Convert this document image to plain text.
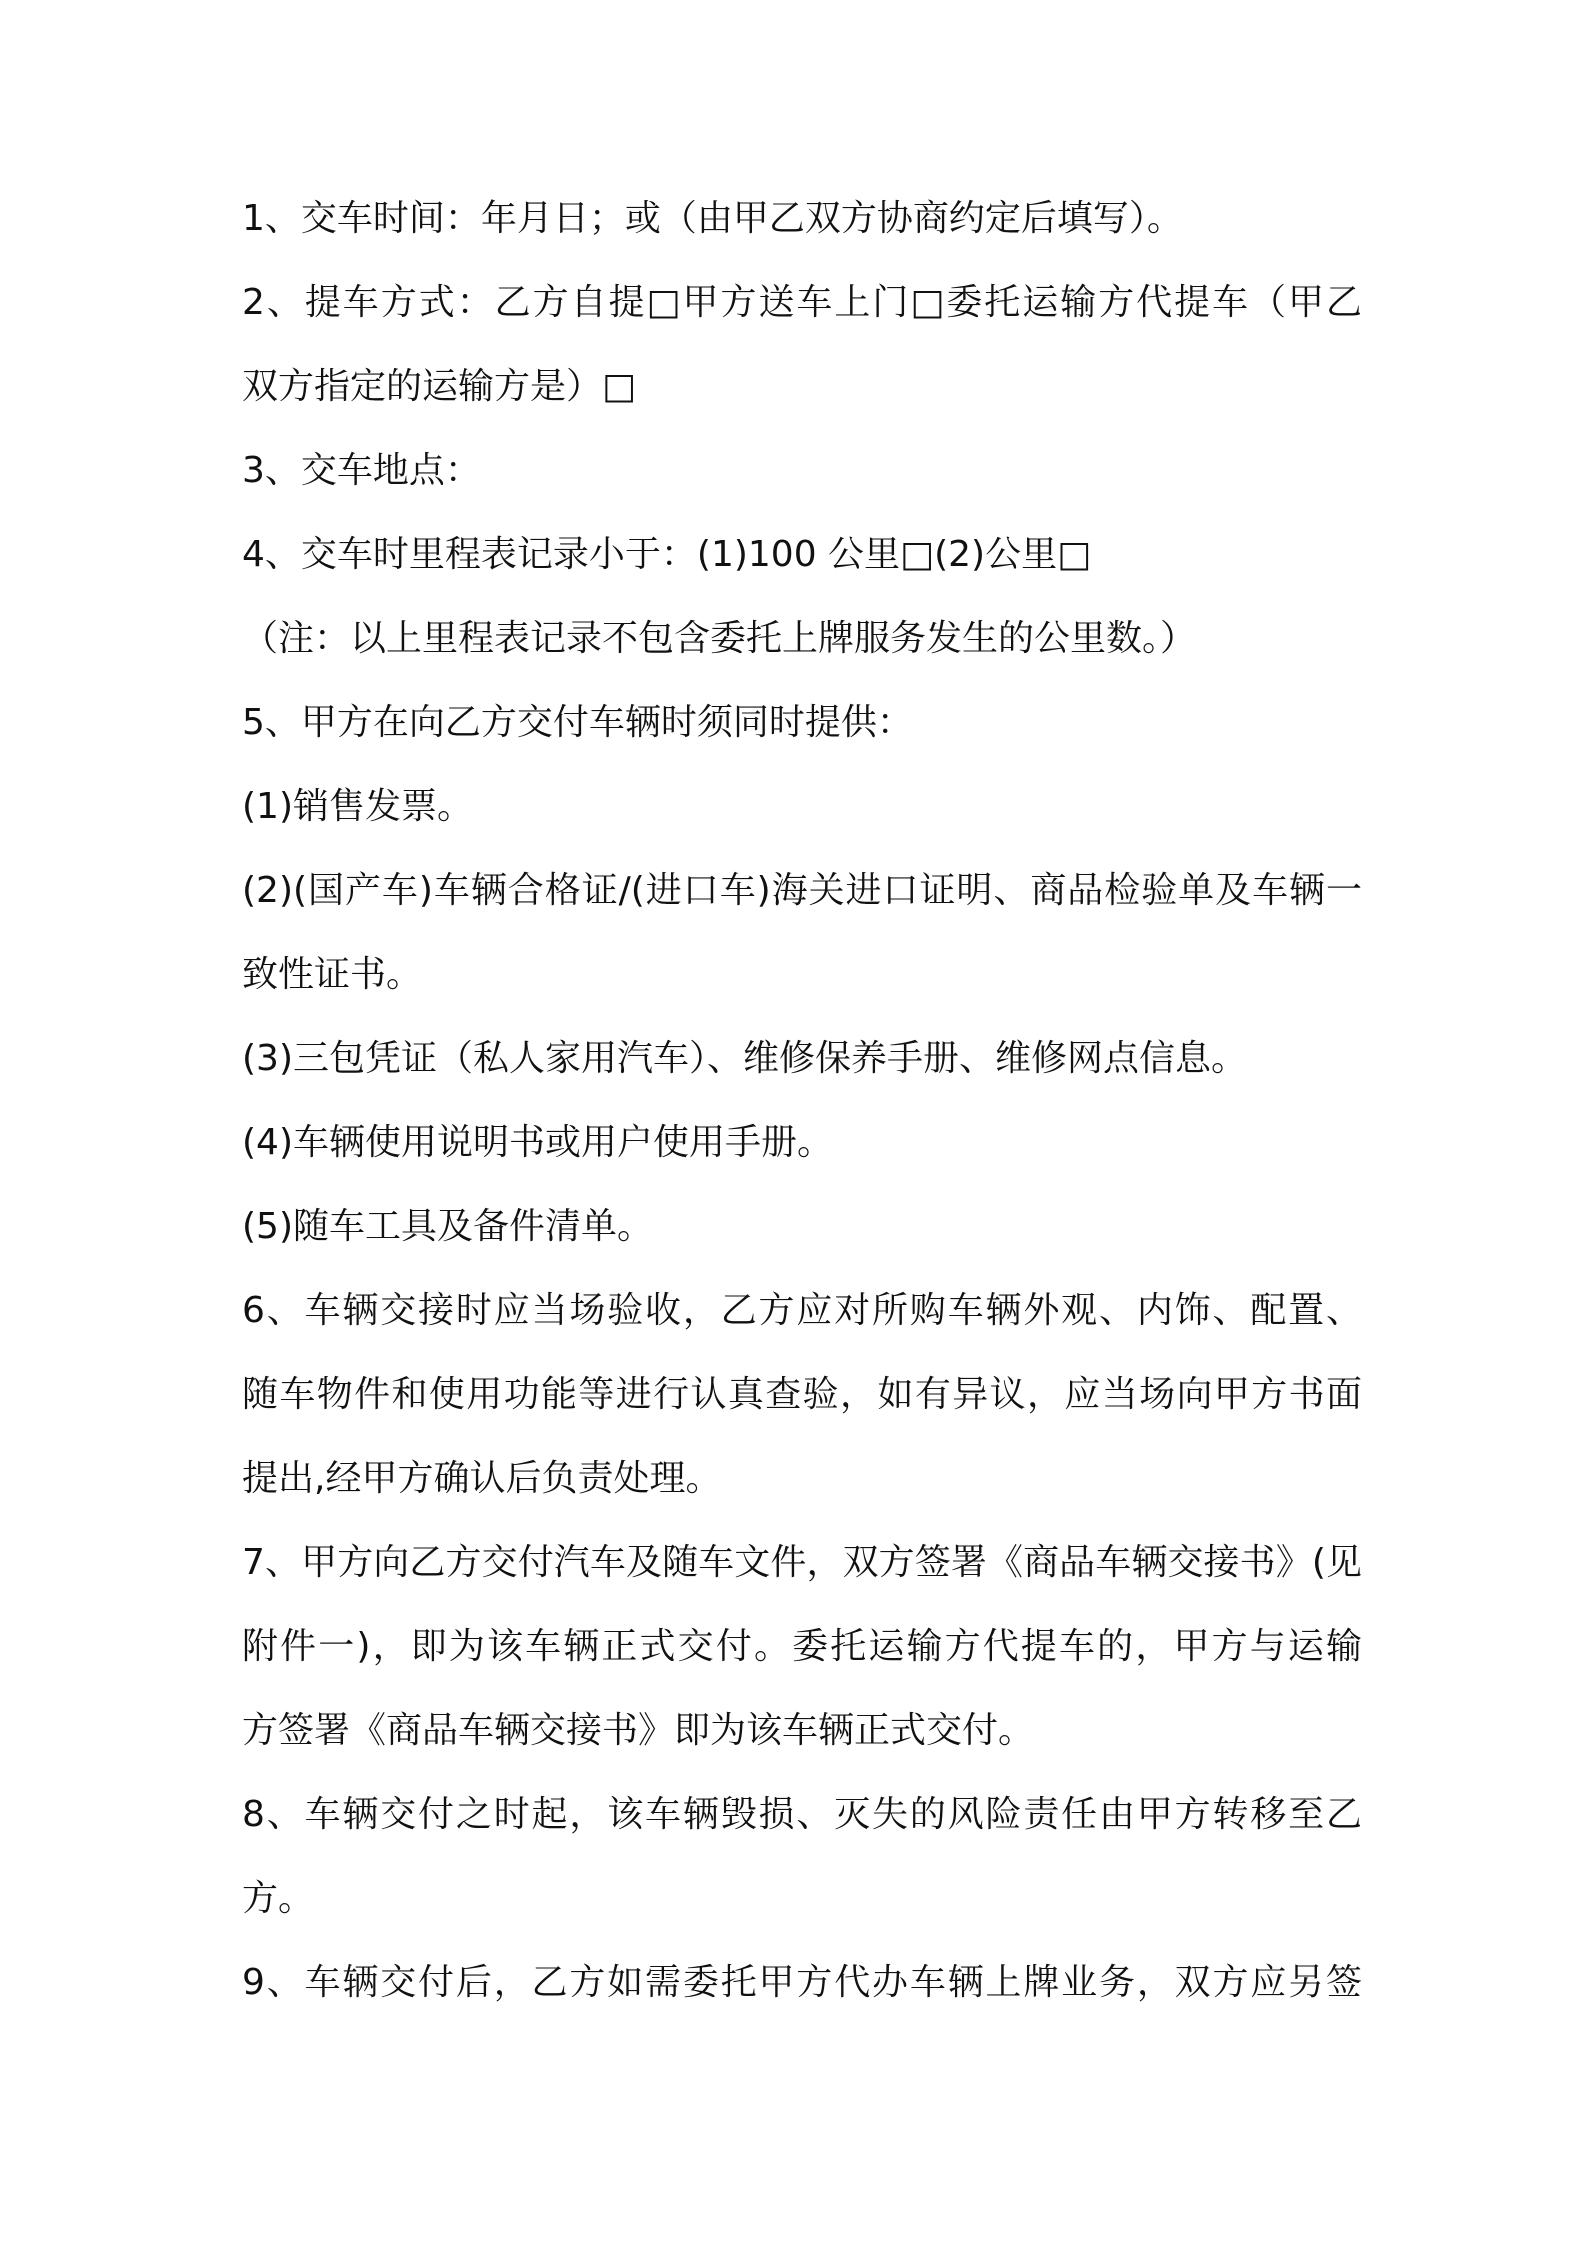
1、交车时间：年月日；或（由甲乙双方协商约定后填写）。
2、提车方式：乙方自提□甲方送车上门□委托运输方代提车（甲乙
双方指定的运输方是）□
3、交车地点：
4、交车时里程表记录小于：(1)100 公里□(2)公里□
（注：以上里程表记录不包含委托上牌服务发生的公里数。）
5、甲方在向乙方交付车辆时须同时提供：
(1)销售发票。
(2)(国产车)车辆合格证/(进口车)海关进口证明、商品检验单及车辆一
致性证书。
(3)三包凭证（私人家用汽车）、维修保养手册、维修网点信息。
(4)车辆使用说明书或用户使用手册。
(5)随车工具及备件清单。
6、车辆交接时应当场验收，乙方应对所购车辆外观、内饰、配置、
随车物件和使用功能等进行认真查验，如有异议，应当场向甲方书面
提出,经甲方确认后负责处理。
7、甲方向乙方交付汽车及随车文件，双方签署《商品车辆交接书》(见
附件一)，即为该车辆正式交付。委托运输方代提车的，甲方与运输
方签署《商品车辆交接书》即为该车辆正式交付。
8、车辆交付之时起，该车辆毁损、灭失的风险责任由甲方转移至乙
方。
9、车辆交付后，乙方如需委托甲方代办车辆上牌业务，双方应另签
